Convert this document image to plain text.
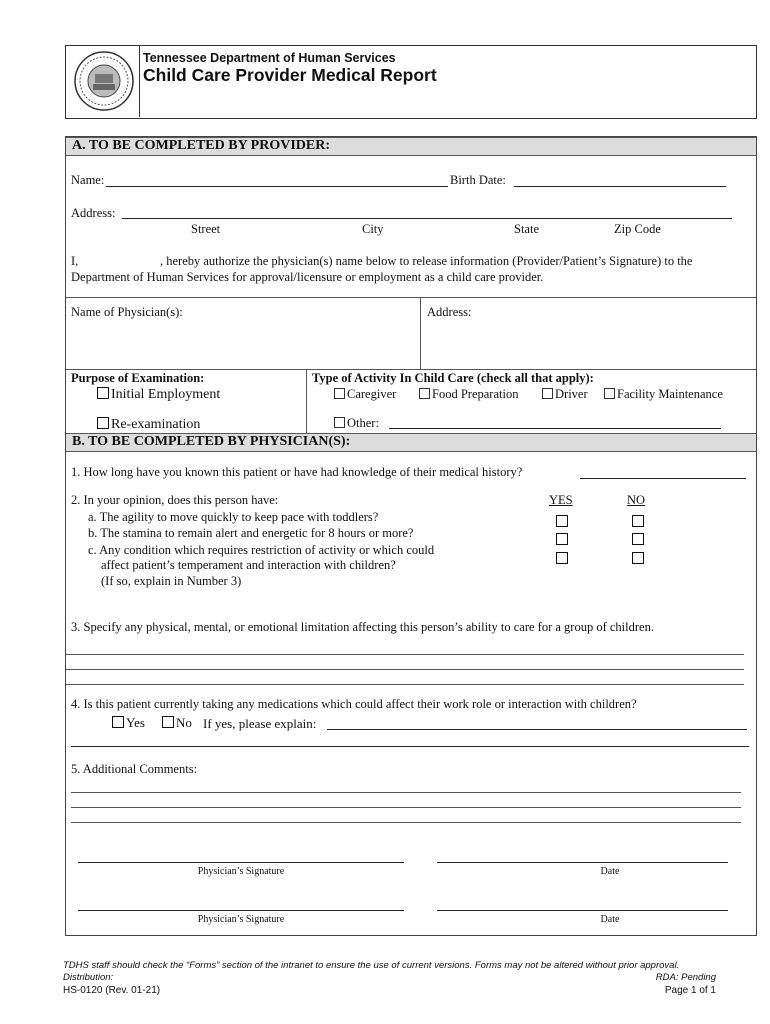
Tennessee Department of Human Services
Child Care Provider Medical Report
A. TO BE COMPLETED BY PROVIDER:
Name:	Birth Date:
Address:
Street	City	State	Zip Code
I,	, hereby authorize the physician(s) name below to release information (Provider/Patient’s Signature) to the
Department of Human Services for approval/licensure or employment as a child care provider.
Name of Physician(s):	Address:
Purpose of Examination:
Initial Employment
Re-examination
Type of Activity In Child Care (check all that apply):
Caregiver	Food Preparation	Driver	Facility Maintenance
Other:
B. TO BE COMPLETED BY PHYSICIAN(S):
1. How long have you known this patient or have had knowledge of their medical history?
2. In your opinion, does this person have:	YES	NO
a. The agility to move quickly to keep pace with toddlers?
b. The stamina to remain alert and energetic for 8 hours or more?
c. Any condition which requires restriction of activity or which could
affect patient’s temperament and interaction with children?
(If so, explain in Number 3)
3. Specify any physical, mental, or emotional limitation affecting this person’s ability to care for a group of children.
4. Is this patient currently taking any medications which could affect their work role or interaction with children?
Yes	No If yes, please explain:
5. Additional Comments:
Physician’s Signature	Date
Physician’s Signature	Date
TDHS staff should check the “Forms” section of the intranet to ensure the use of current versions. Forms may not be altered without prior approval.
Distribution:	RDA: Pending
HS-0120 (Rev. 01-21)	Page 1 of 1
